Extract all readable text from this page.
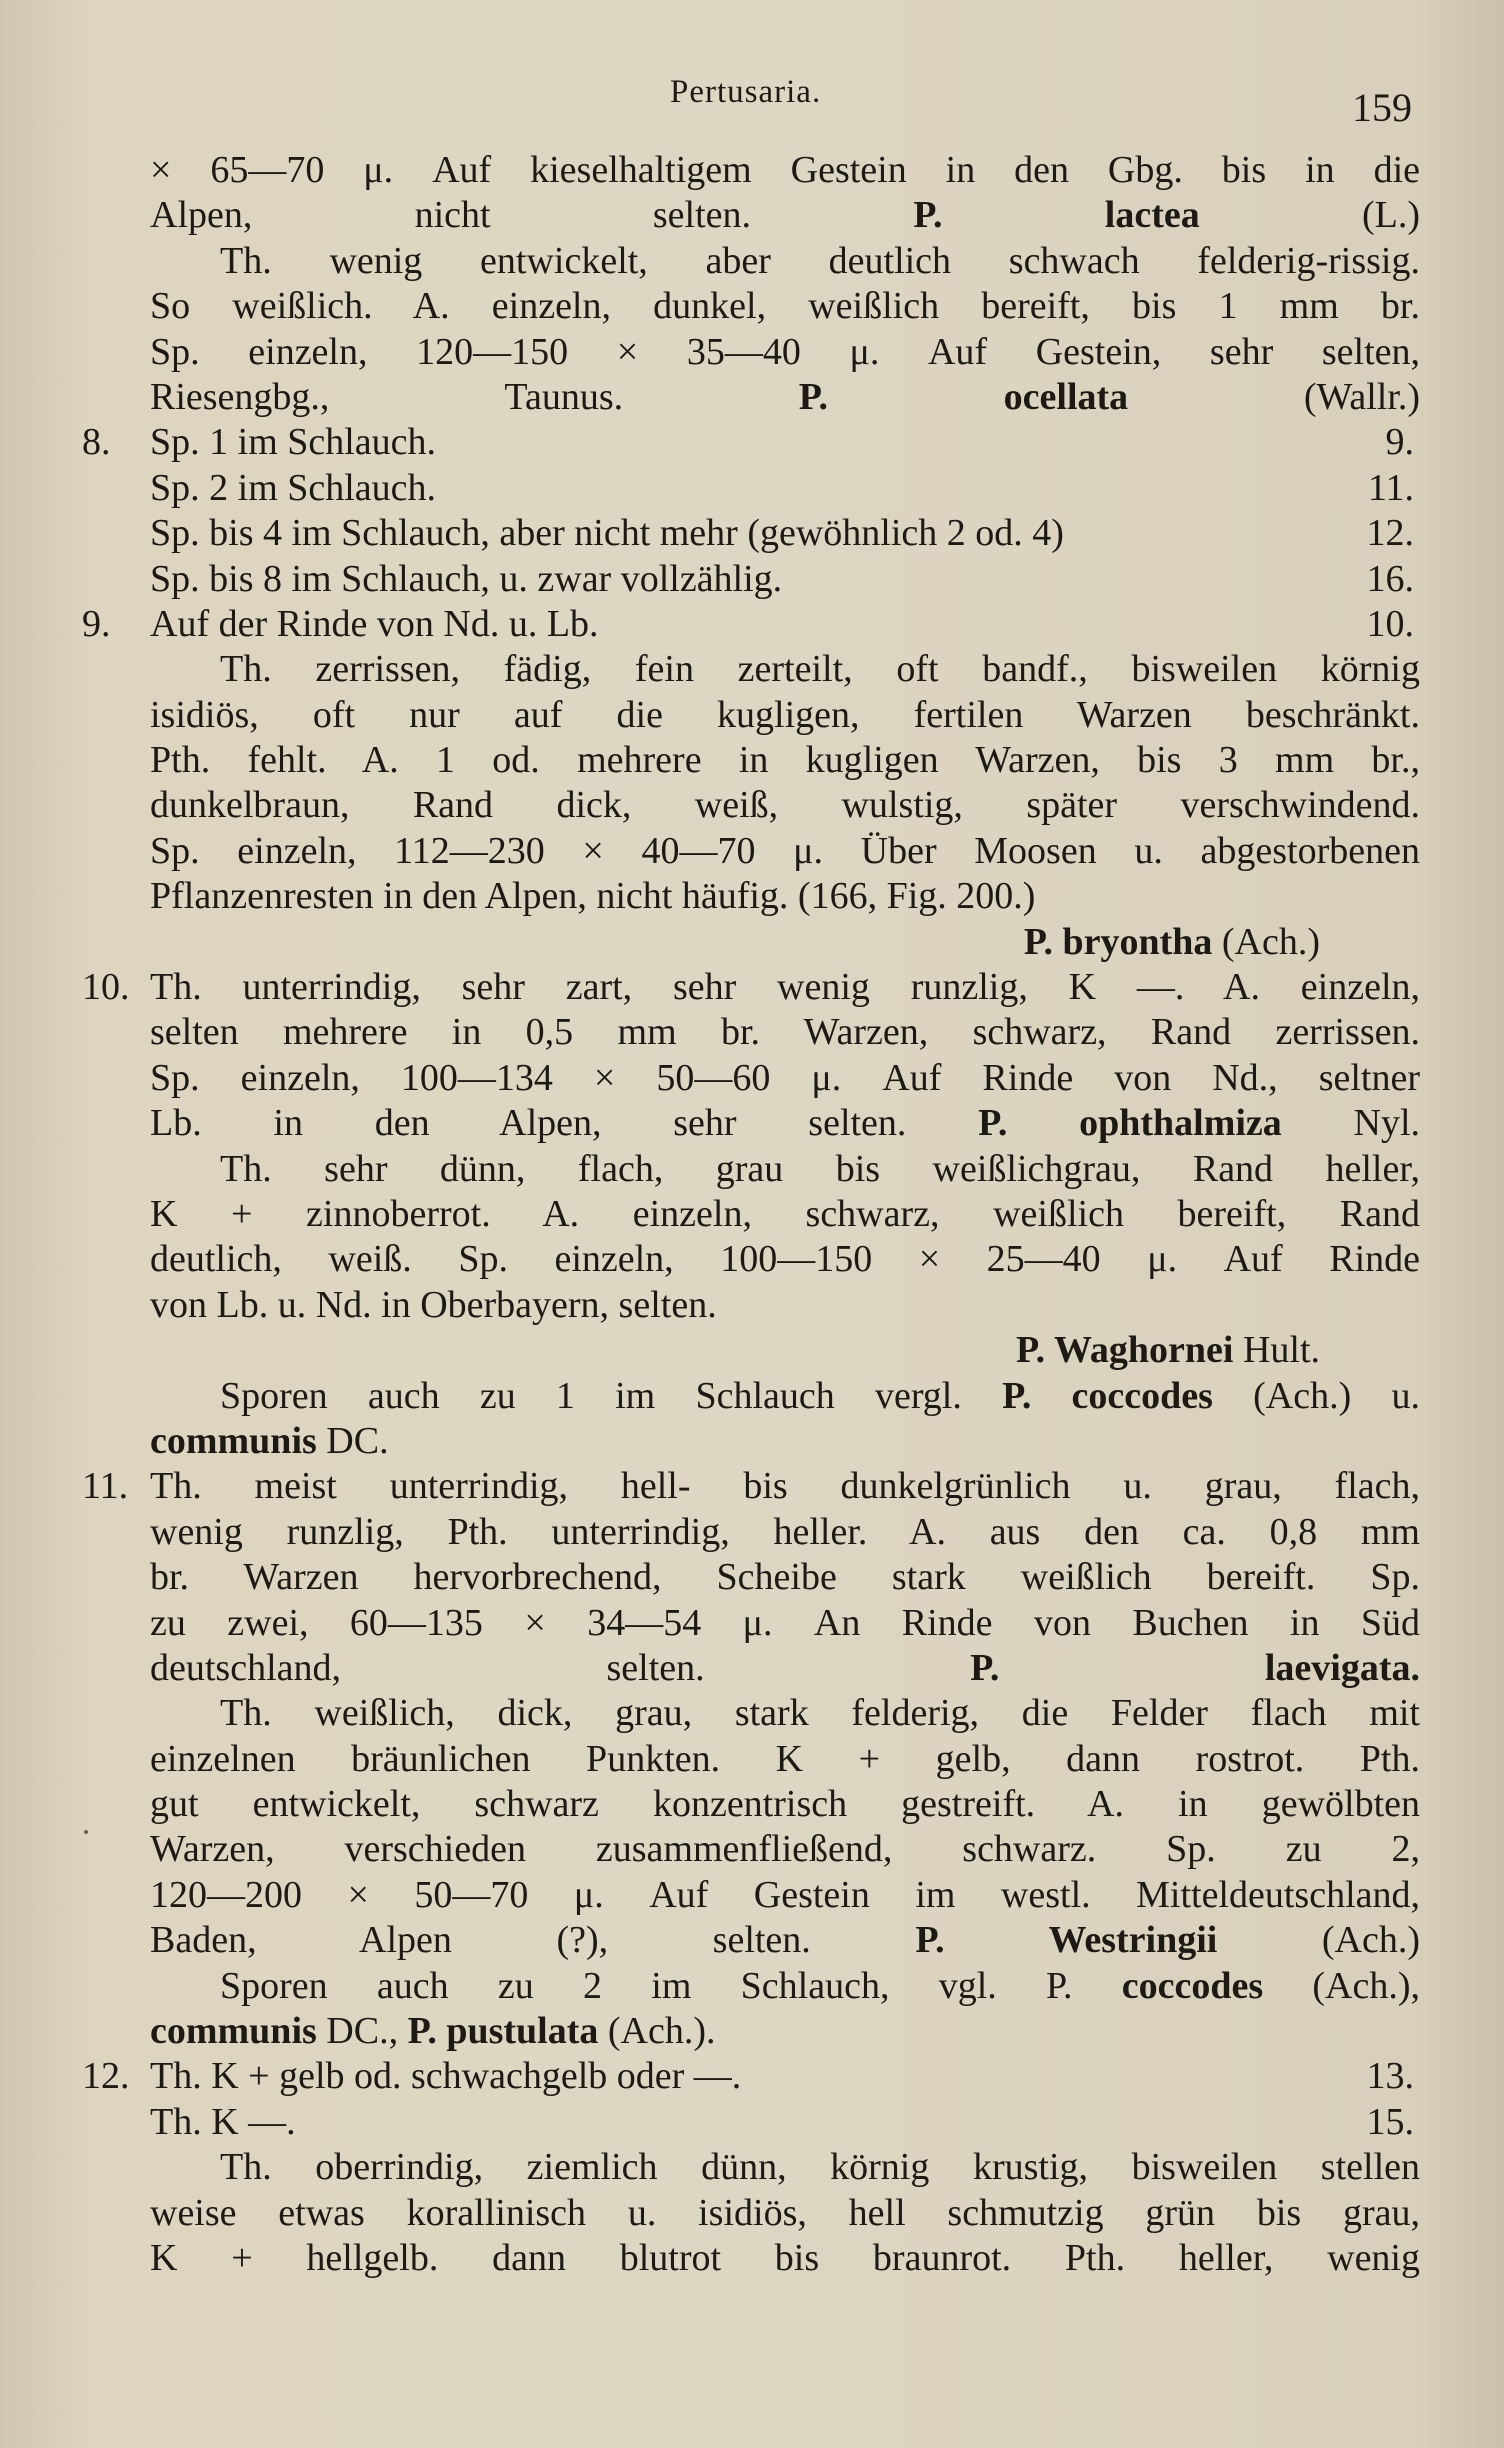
Pertusaria.	159
× 65—70 μ. Auf kieselhaltigem Gestein in den Gbg. bis in die
Alpen, nicht selten.	P. lactea	(L.)
Th. wenig entwickelt, aber deutlich schwach felderig-rissig.
So weißlich. A. einzeln, dunkel, weißlich bereift, bis 1 mm br.
Sp. einzeln, 120—150 × 35—40 μ. Auf Gestein, sehr selten,
Riesengbg., Taunus.	P. ocellata	(Wallr.)
8. Sp. 1 im Schlauch.	9.
Sp. 2 im Schlauch.	11.
Sp. bis 4 im Schlauch, aber nicht mehr (gewöhnlich 2 od. 4)	12.
Sp. bis 8 im Schlauch, u. zwar vollzählig.	16.
9. Auf der Rinde von Nd. u. Lb.	10.
Th. zerrissen, fädig, fein zerteilt, oft bandf., bisweilen körnig
isidiös, oft nur auf die kugligen, fertilen Warzen beschränkt.
Pth. fehlt. A. 1 od. mehrere in kugligen Warzen, bis 3 mm br.,
dunkelbraun, Rand dick, weiß, wulstig, später verschwindend.
Sp. einzeln, 112—230 × 40—70 μ. Über Moosen u. abgestorbenen
Pflanzenresten in den Alpen, nicht häufig. (166, Fig. 200.)
P. bryontha (Ach.)
10. Th. unterrindig, sehr zart, sehr wenig runzlig, K —. A. einzeln,
selten mehrere in 0,5 mm br. Warzen, schwarz, Rand zerrissen.
Sp. einzeln, 100—134 × 50—60 μ. Auf Rinde von Nd., seltner
Lb. in den Alpen, sehr selten. P. ophthalmiza Nyl.
Th. sehr dünn, flach, grau bis weißlichgrau, Rand heller,
K + zinnoberrot. A. einzeln, schwarz, weißlich bereift, Rand
deutlich, weiß. Sp. einzeln, 100—150 × 25—40 μ. Auf Rinde
von Lb. u. Nd. in Oberbayern, selten.
P. Waghornei Hult.
Sporen auch zu 1 im Schlauch vergl. P. coccodes (Ach.) u.
communis DC.
11. Th. meist unterrindig, hell- bis dunkelgrünlich u. grau, flach,
wenig runzlig, Pth. unterrindig, heller. A. aus den ca. 0,8 mm
br. Warzen hervorbrechend, Scheibe stark weißlich bereift. Sp.
zu zwei, 60—135 × 34—54 μ. An Rinde von Buchen in Süd
deutschland, selten.	P. laevigata.
Th. weißlich, dick, grau, stark felderig, die Felder flach mit
einzelnen bräunlichen Punkten. K + gelb, dann rostrot. Pth.
gut entwickelt, schwarz konzentrisch gestreift. A. in gewölbten
Warzen, verschieden zusammenfließend, schwarz. Sp. zu 2,
120—200 × 50—70 μ. Auf Gestein im westl. Mitteldeutschland,
Baden, Alpen (?), selten.	P. Westringii	(Ach.)
Sporen auch zu 2 im Schlauch, vgl. P. coccodes (Ach.),
communis DC., P. pustulata (Ach.).
12. Th. K + gelb od. schwachgelb oder —.	13.
Th. K —.	15.
Th. oberrindig, ziemlich dünn, körnig krustig, bisweilen stellen
weise etwas korallinisch u. isidiös, hell schmutzig grün bis grau,
K + hellgelb. dann blutrot bis braunrot. Pth. heller, wenig
